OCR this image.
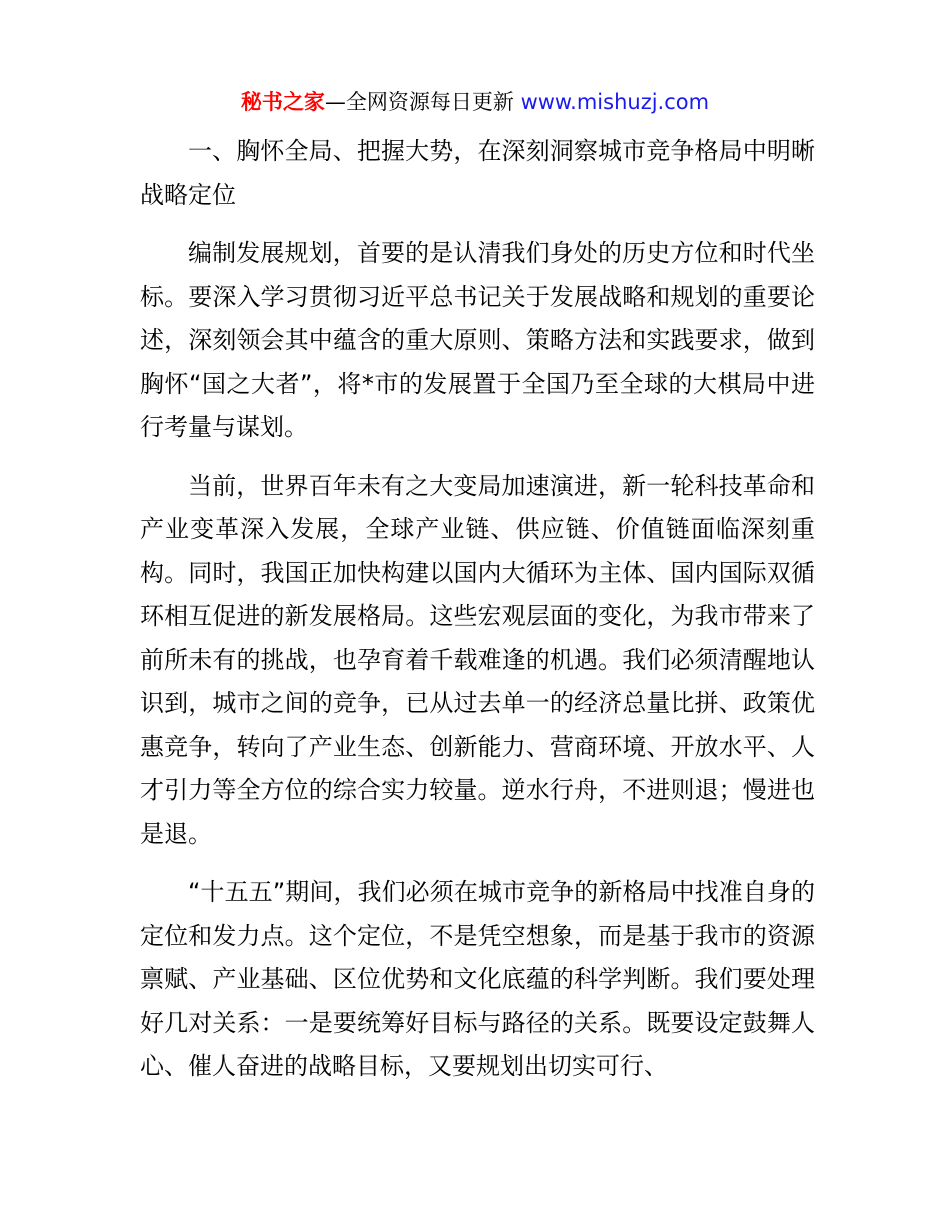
秘书之家—全网资源每日更新 www.mishuzj.com

一、胸怀全局、把握大势，在深刻洞察城市竞争格局中明晰战略定位

编制发展规划，首要的是认清我们身处的历史方位和时代坐标。要深入学习贯彻习近平总书记关于发展战略和规划的重要论述，深刻领会其中蕴含的重大原则、策略方法和实践要求，做到胸怀“国之大者”，将*市的发展置于全国乃至全球的大棋局中进行考量与谋划。

当前，世界百年未有之大变局加速演进，新一轮科技革命和产业变革深入发展，全球产业链、供应链、价值链面临深刻重构。同时，我国正加快构建以国内大循环为主体、国内国际双循环相互促进的新发展格局。这些宏观层面的变化，为我市带来了前所未有的挑战，也孕育着千载难逢的机遇。我们必须清醒地认识到，城市之间的竞争，已从过去单一的经济总量比拼、政策优惠竞争，转向了产业生态、创新能力、营商环境、开放水平、人才引力等全方位的综合实力较量。逆水行舟，不进则退；慢进也是退。

“十五五”期间，我们必须在城市竞争的新格局中找准自身的定位和发力点。这个定位，不是凭空想象，而是基于我市的资源禀赋、产业基础、区位优势和文化底蕴的科学判断。我们要处理好几对关系：一是要统筹好目标与路径的关系。既要设定鼓舞人心、催人奋进的战略目标，又要规划出切实可行、
